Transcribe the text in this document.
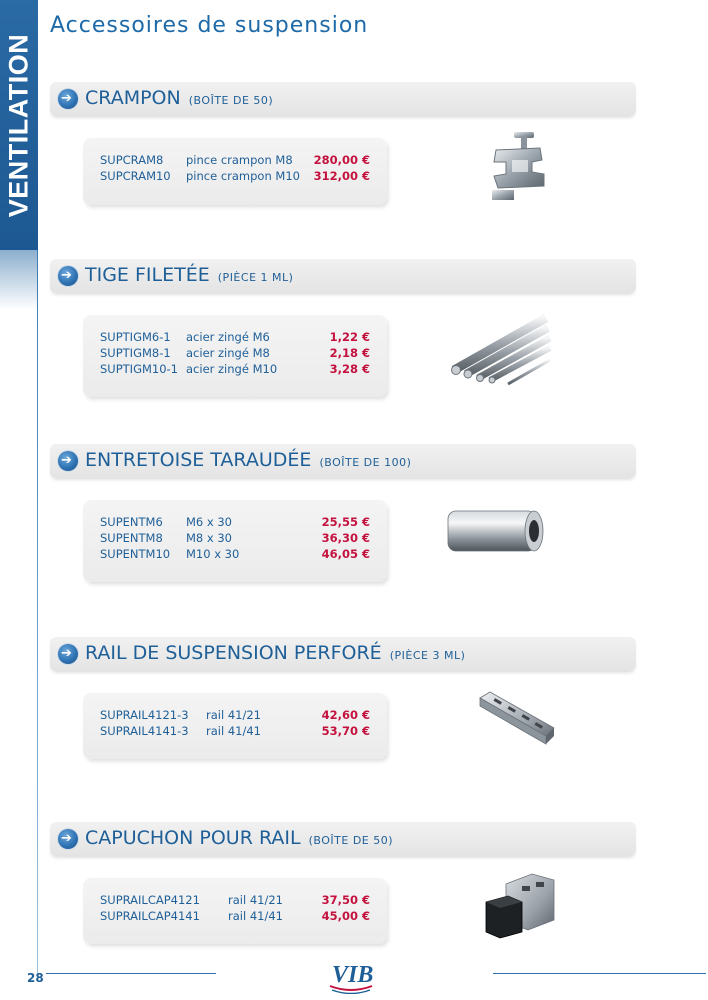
VENTILATION
Accessoires de suspension
➔
CRAMPON (BOÎTE DE 50)
SUPCRAM8 pince crampon M8 280,00 €
SUPCRAM10 pince crampon M10 312,00 €
➔
TIGE FILETÉE (PIÈCE 1 ML)
SUPTIGM6-1 acier zingé M6	1,22 €
SUPTIGM8-1 acier zingé M8	2,18 €
SUPTIGM10-1 acier zingé M10	3,28 €
➔
ENTRETOISE TARAUDÉE (BOÎTE DE 100)
SUPENTM6 M6 x 30	25,55 €
SUPENTM8 M8 x 30	36,30 €
SUPENTM10 M10 x 30	46,05 €
➔
RAIL DE SUSPENSION PERFORÉ (PIÈCE 3 ML)
SUPRAIL4121-3 rail 41/21	42,60 €
SUPRAIL4141-3 rail 41/41	53,70 €
➔
CAPUCHON POUR RAIL (BOÎTE DE 50)
SUPRAILCAP4121 rail 41/21	37,50 €
SUPRAILCAP4141 rail 41/41	45,00 €
28	VIB
